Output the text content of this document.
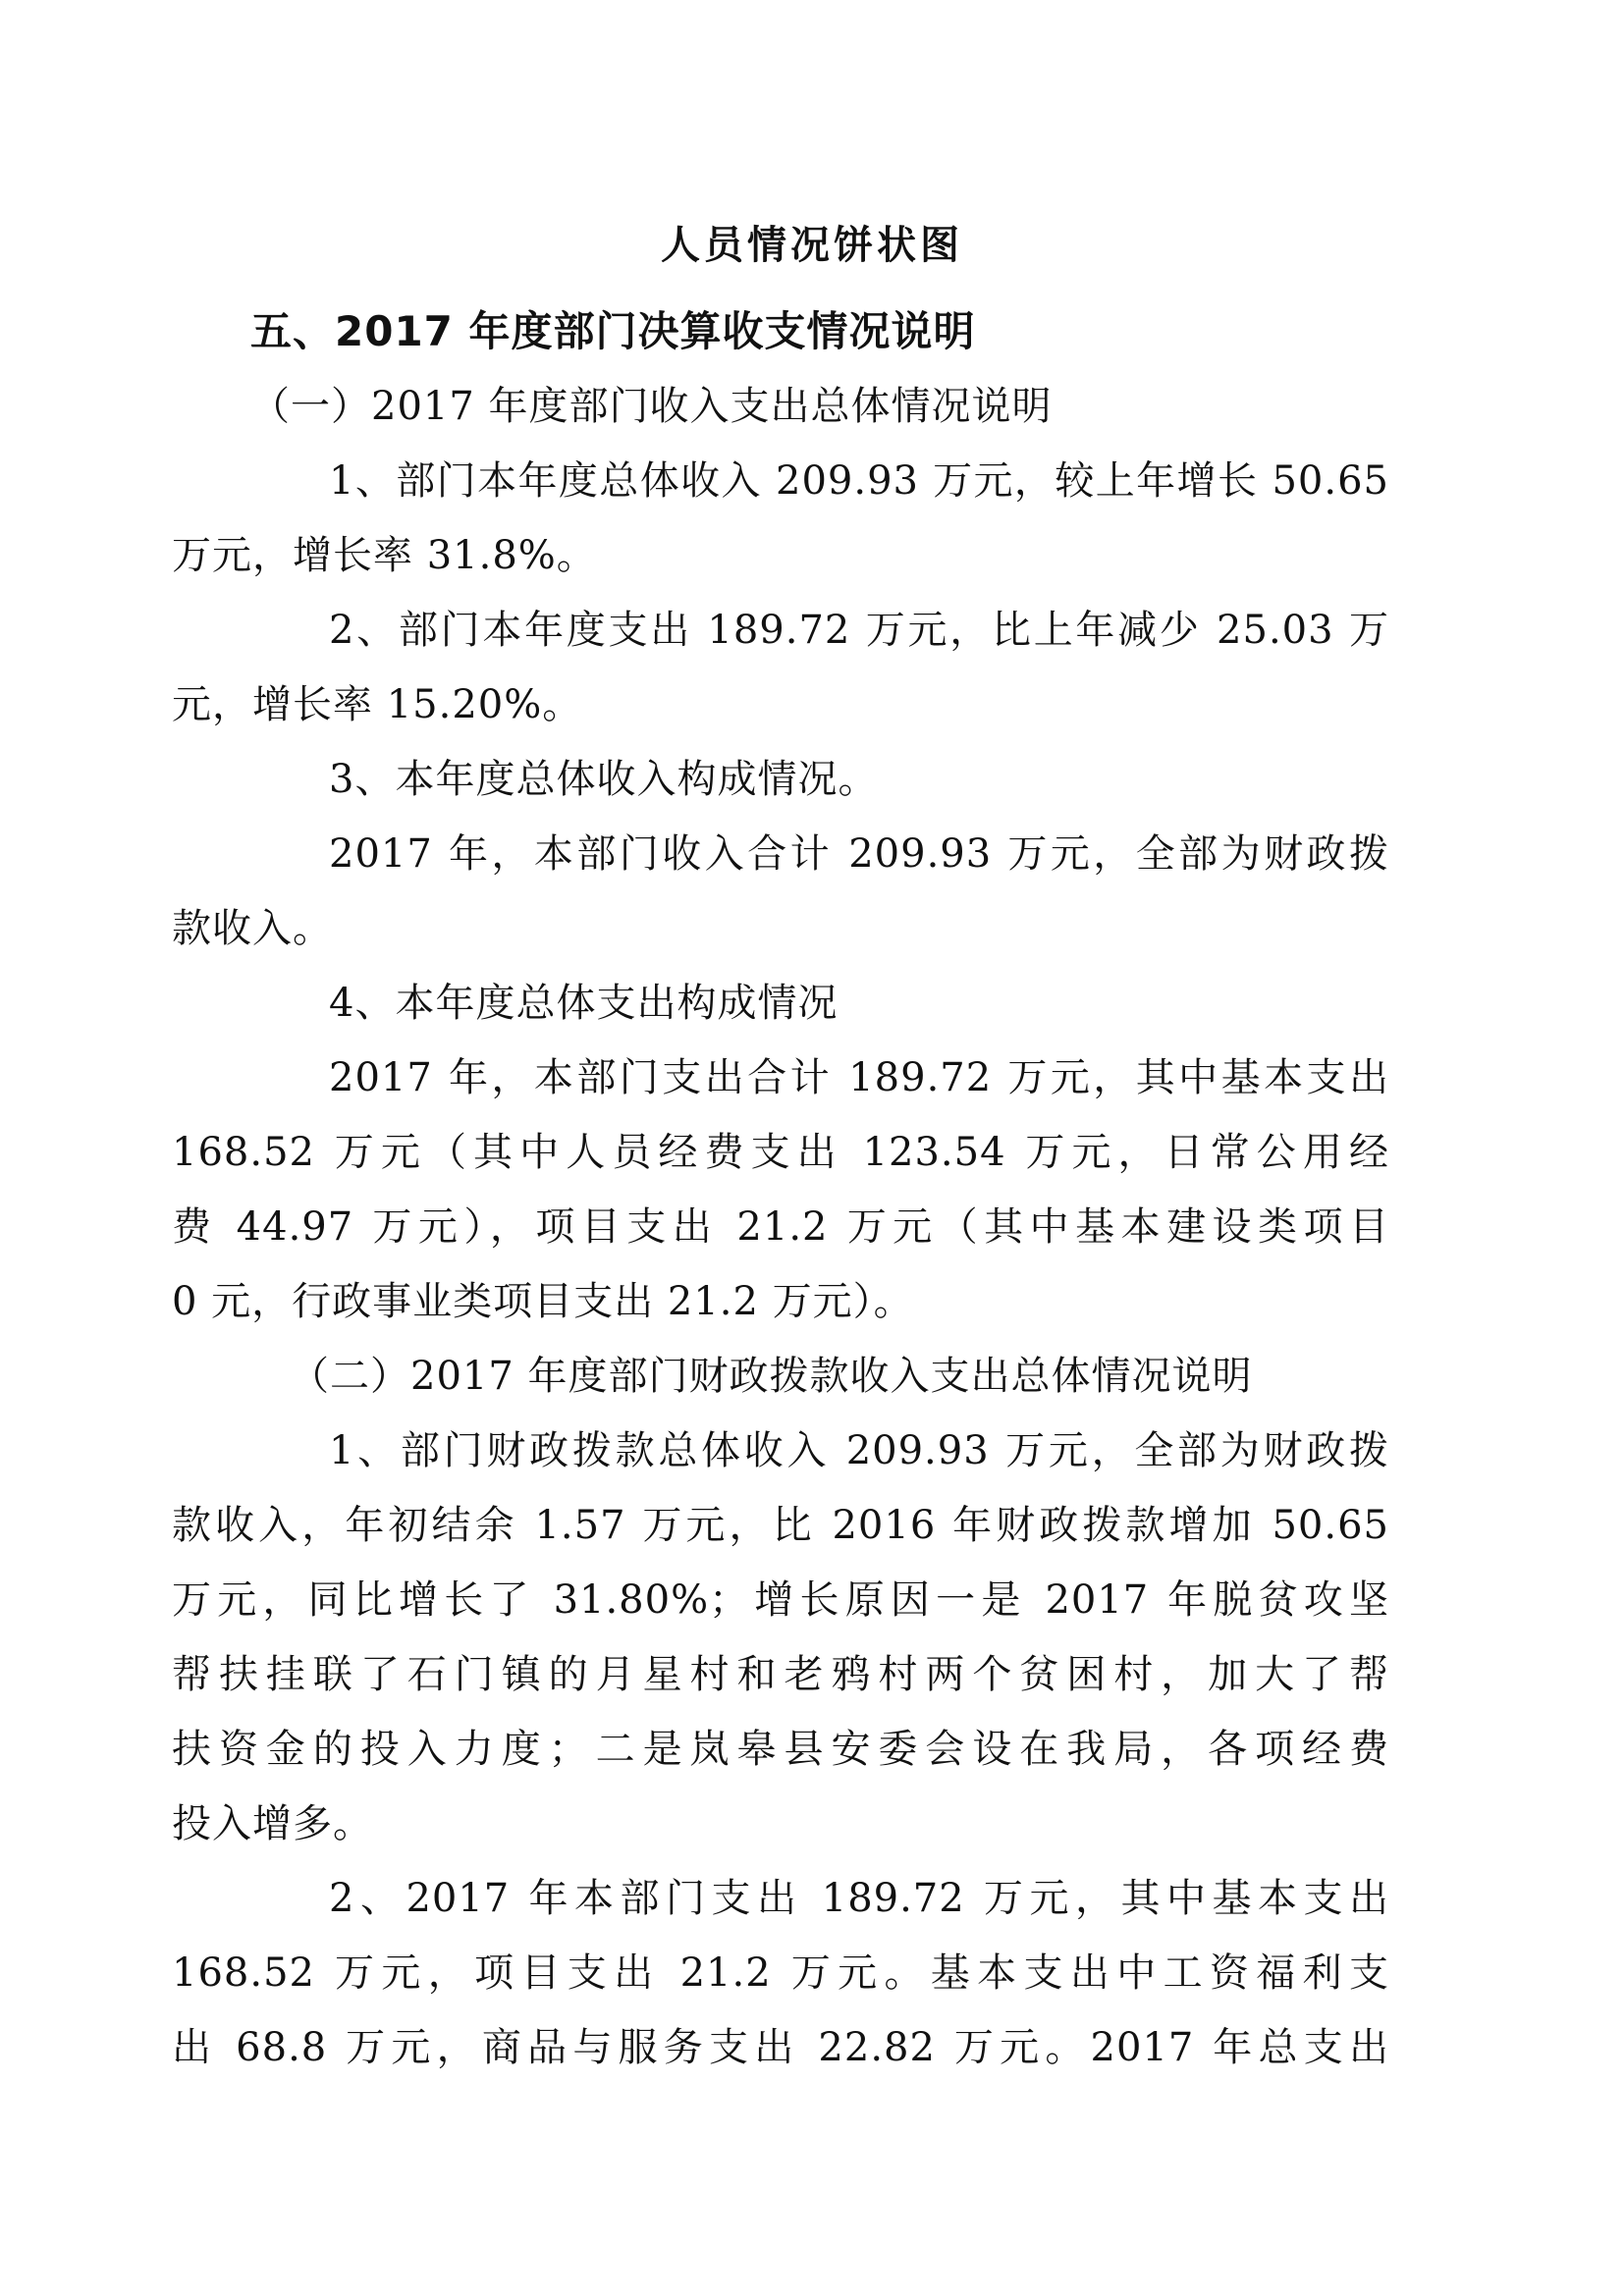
人员情况饼状图
五、2017 年度部门决算收支情况说明
（一）2017 年度部门收入支出总体情况说明
1、部门本年度总体收入 209.93 万元，较上年增长 50.65
万元，增长率 31.8%。
2、部门本年度支出 189.72 万元，比上年减少 25.03 万
元，增长率 15.20%。
3、本年度总体收入构成情况。
2017 年，本部门收入合计 209.93 万元，全部为财政拨
款收入。
4、本年度总体支出构成情况
2017 年，本部门支出合计 189.72 万元，其中基本支出
168.52 万元（其中人员经费支出 123.54 万元，日常公用经
费 44.97 万元），项目支出 21.2 万元（其中基本建设类项目
0 元，行政事业类项目支出 21.2 万元）。
（二）2017 年度部门财政拨款收入支出总体情况说明
1、部门财政拨款总体收入 209.93 万元，全部为财政拨
款收入，年初结余 1.57 万元，比 2016 年财政拨款增加 50.65
万元，同比增长了 31.80%；增长原因一是 2017 年脱贫攻坚
帮扶挂联了石门镇的月星村和老鸦村两个贫困村，加大了帮
扶资金的投入力度；二是岚皋县安委会设在我局，各项经费
投入增多。
2、2017 年本部门支出 189.72 万元，其中基本支出
168.52 万元，项目支出 21.2 万元。基本支出中工资福利支
出 68.8 万元，商品与服务支出 22.82 万元。2017 年总支出
